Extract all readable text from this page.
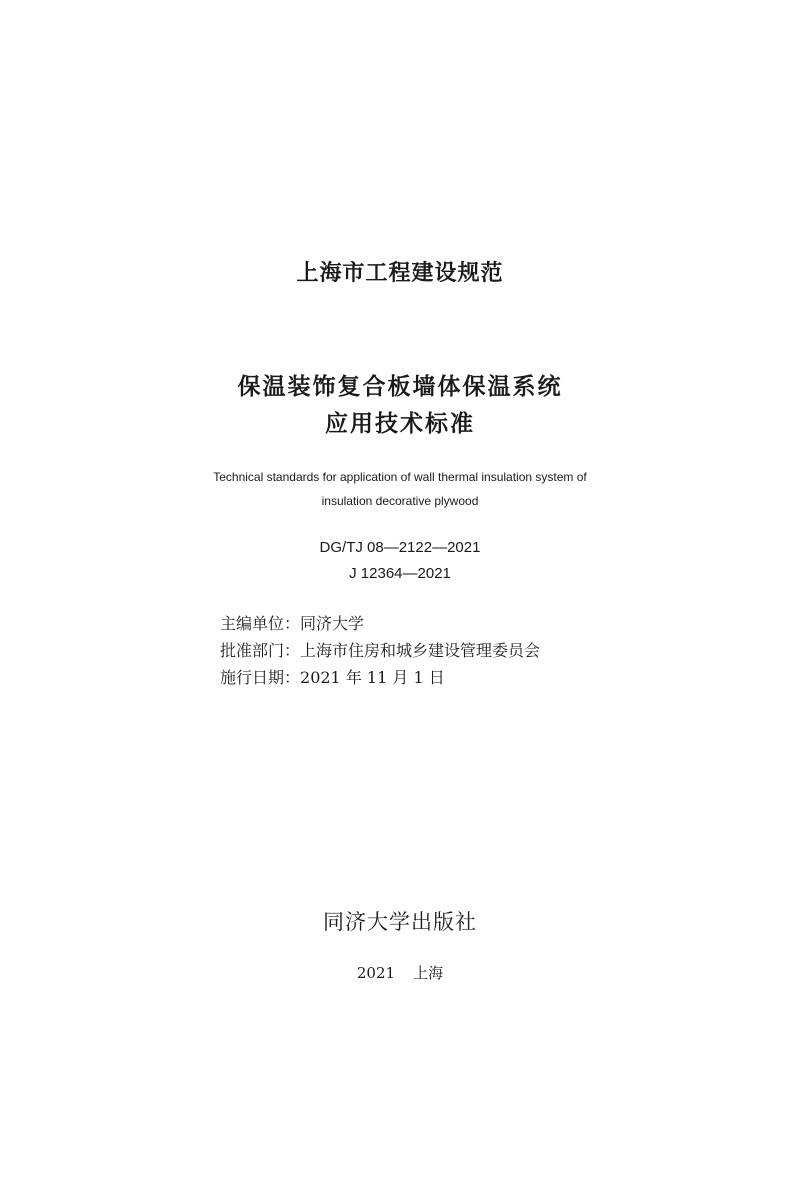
上海市工程建设规范
保温装饰复合板墙体保温系统
应用技术标准
Technical standards for application of wall thermal insulation system of
insulation decorative plywood
DG/TJ 08—2122—2021
J 12364—2021
主编单位：同济大学
批准部门：上海市住房和城乡建设管理委员会
施行日期：2021 年 11 月 1 日
同济大学出版社
2021 上海
